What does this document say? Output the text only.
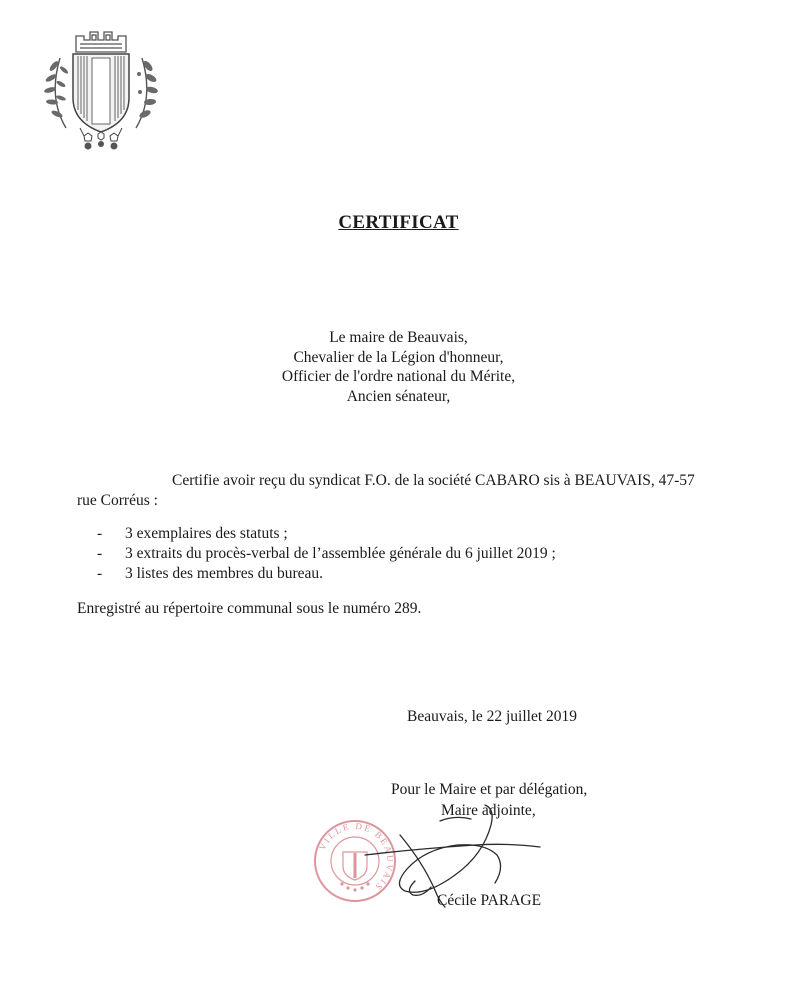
CERTIFICAT
Le maire de Beauvais,
Chevalier de la Légion d'honneur,
Officier de l'ordre national du Mérite,
Ancien sénateur,
Certifie avoir reçu du syndicat F.O. de la société CABARO sis à BEAUVAIS, 47-57
rue Corréus :
-	3 exemplaires des statuts ;
-	3 extraits du procès-verbal de l’assemblée générale du 6 juillet 2019 ;
-	3 listes des membres du bureau.
Enregistré au répertoire communal sous le numéro 289.
Beauvais, le 22 juillet 2019
Pour le Maire et par délégation,
Maire adjointe,
VILLE DE BEAUVAIS
Cécile PARAGE
